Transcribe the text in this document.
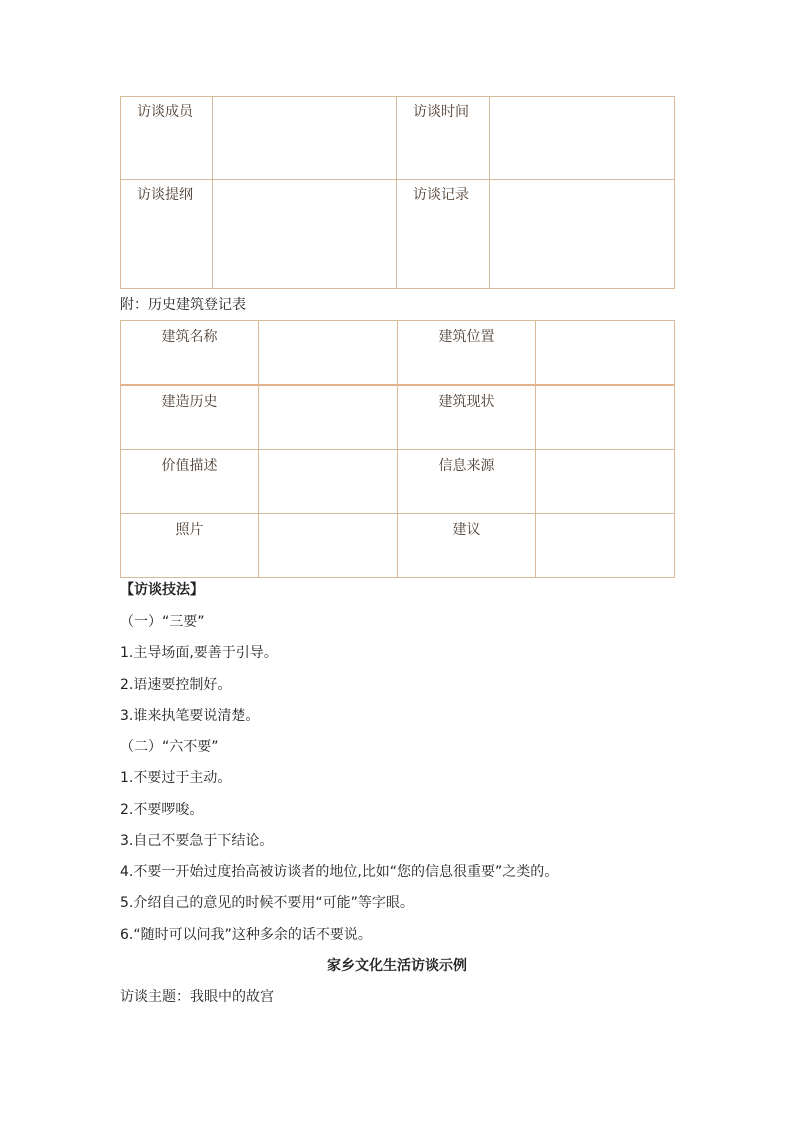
访谈成员		访谈时间	
访谈提纲		访谈记录	
附：历史建筑登记表
建筑名称		建筑位置	
建造历史		建筑现状	
价值描述		信息来源	
照片		建议	
【访谈技法】
（一）“三要”
1.主导场面,要善于引导。
2.语速要控制好。
3.谁来执笔要说清楚。
（二）“六不要”
1.不要过于主动。
2.不要啰唆。
3.自己不要急于下结论。
4.不要一开始过度抬高被访谈者的地位,比如“您的信息很重要”之类的。
5.介绍自己的意见的时候不要用“可能”等字眼。
6.“随时可以问我”这种多余的话不要说。
家乡文化生活访谈示例
访谈主题：我眼中的故宫
